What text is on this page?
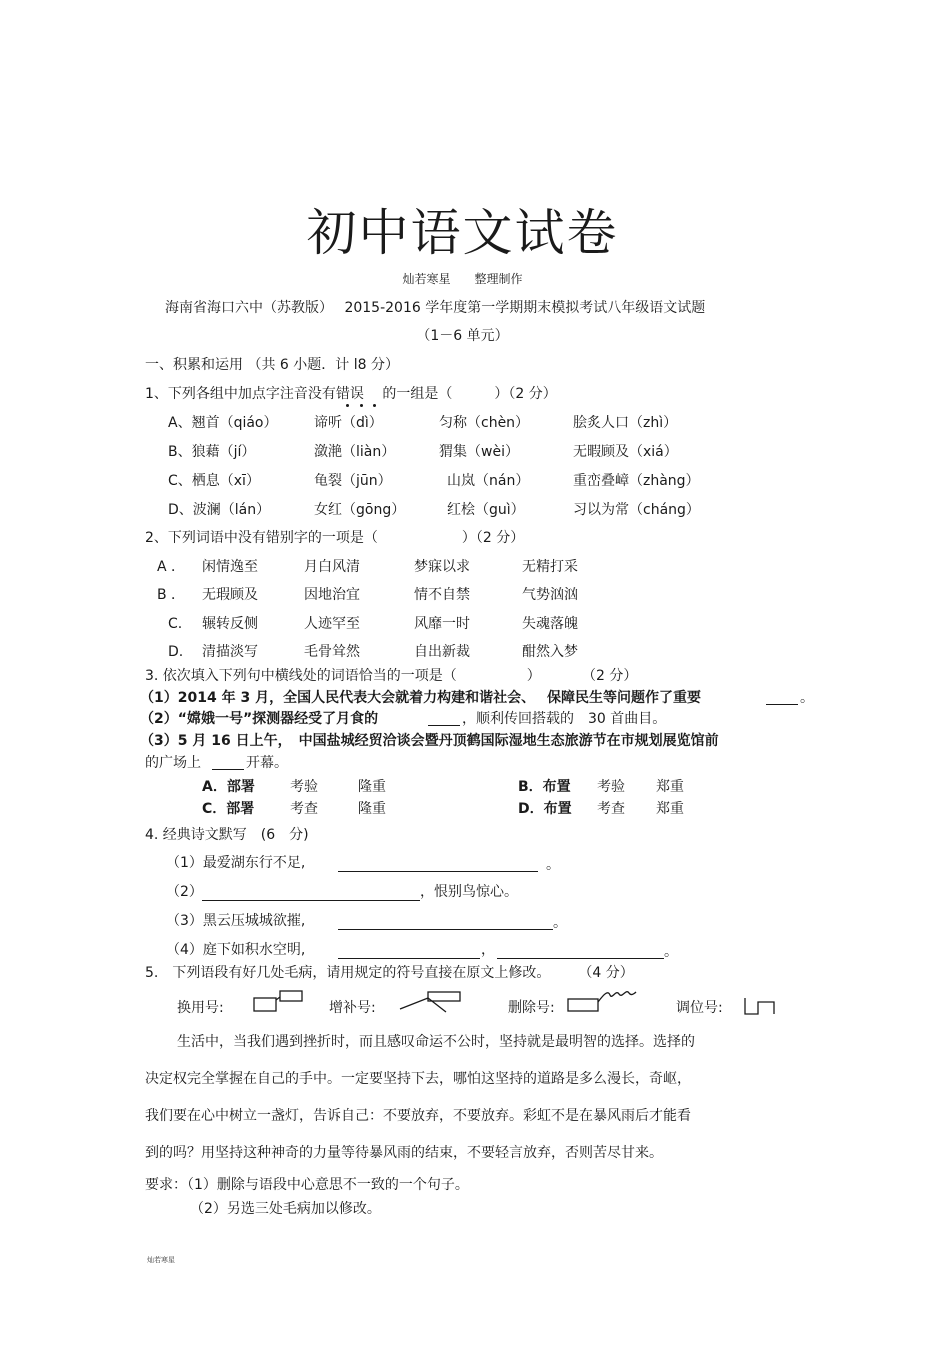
初中语文试卷
灿若寒星　　整理制作
海南省海口六中（苏教版）　 2015-2016 学年度第一学期期末模拟考试八年级语文试题
（1－6 单元）
一、积累和运用 （共 6 小题．计 l8 分）
1、下列各组中加点字注音没有错误　 的一组是（　　　）（2 分）
A、翘首（qiáo）	谛听（dì）	匀称（chèn）	脍炙人口（zhì）
B、狼藉（jí）	潋滟（liàn）	猬集（wèi）	无暇顾及（xiá）
C、栖息（xī）	龟裂（jūn）	山岚（nán）	重峦叠嶂（zhàng）
D、波澜（lán）	女红（gōng）	红桧（guì）	习以为常（cháng）
2、下列词语中没有错别字的一项是（　　　　　　）（2 分）
A ． 闲情逸至	月白风清	梦寐以求	无精打采
B ． 无瑕顾及	因地治宜	情不自禁	气势汹汹
C. 辗转反侧	人迹罕至	风靡一时	失魂落魄
D. 清描淡写	毛骨耸然	自出新裁	酣然入梦
3. 依次填入下列句中横线处的词语恰当的一项是（　　　　　）	（2 分）
（1）2014 年 3 月，全国人民代表大会就着力构建和谐社会、　 保障民生等问题作了重要	。
（2）“嫦娥一号”探测器经受了月食的	，顺利传回搭载的　30 首曲目。
（3）5 月 16 日上午，　中国盐城经贸洽谈会暨丹顶鹤国际湿地生态旅游节在市规划展览馆前
的广场上	开幕。
A．部署	考验	隆重	B．布置 考验 郑重
C．部署	考查	隆重	D．布置 考查 郑重
4. 经典诗文默写　(6　分)
（1）最爱湖东行不足,	。
（2）	，恨别鸟惊心。
（3）黑云压城城欲摧,	。
（4）庭下如积水空明,	，	。
5.　下列语段有好几处毛病，请用规定的符号直接在原文上修改。　　　（4 分）
换用号:	增补号:	删除号:	调位号:
生活中，当我们遇到挫折时，而且感叹命运不公时，坚持就是最明智的选择。选择的
决定权完全掌握在自己的手中。一定要坚持下去，哪怕这坚持的道路是多么漫长，奇岖，
我们要在心中树立一盏灯，告诉自己：不要放弃，不要放弃。彩虹不是在暴风雨后才能看
到的吗？用坚持这种神奇的力量等待暴风雨的结束，不要轻言放弃，否则苦尽甘来。
要求：（1）删除与语段中心意思不一致的一个句子。
（2）另选三处毛病加以修改。
灿若寒星
